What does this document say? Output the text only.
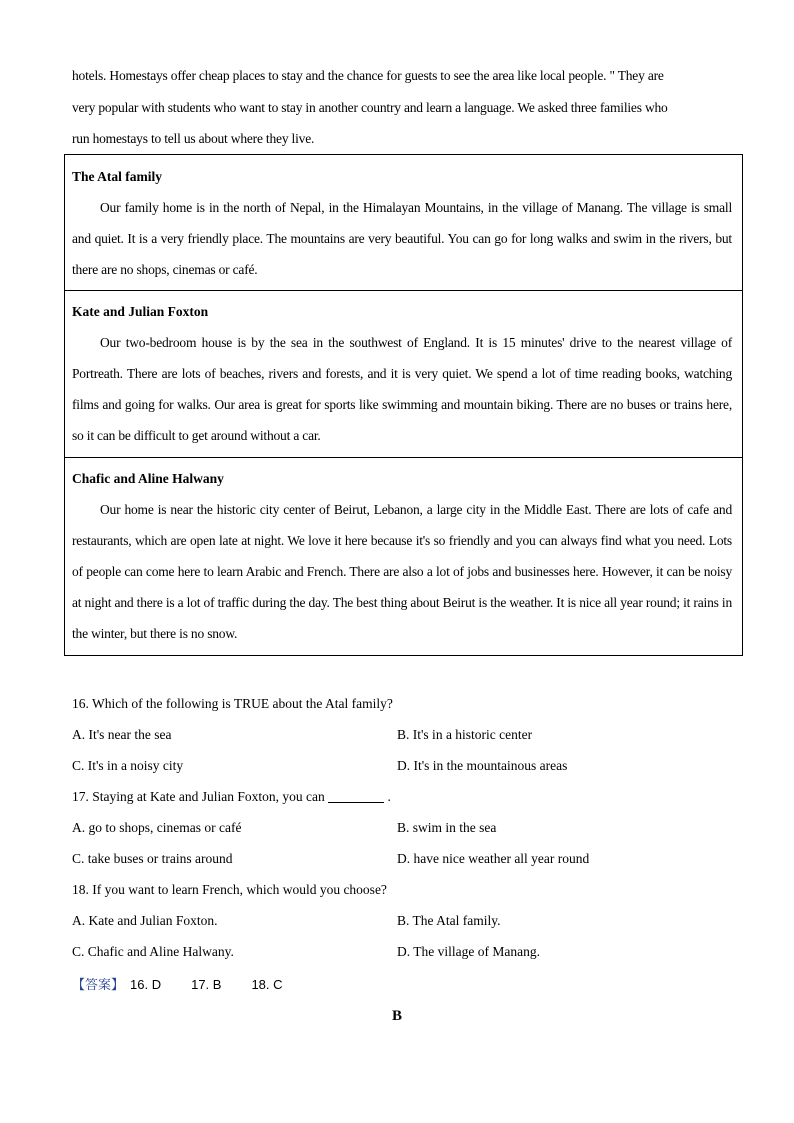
hotels. Homestays offer cheap places to stay and the chance for guests to see the area like local people. " They are

very popular with students who want to stay in another country and learn a language. We asked three families who

run homestays to tell us about where they live.

The Atal family

Our family home is in the north of Nepal, in the Himalayan Mountains, in the village of Manang. The village is small and quiet. It is a very friendly place. The mountains are very beautiful. You can go for long walks and swim in the rivers, but there are no shops, cinemas or café.

Kate and Julian Foxton

Our two-bedroom house is by the sea in the southwest of England. It is 15 minutes' drive to the nearest village of Portreath. There are lots of beaches, rivers and forests, and it is very quiet. We spend a lot of time reading books, watching films and going for walks. Our area is great for sports like swimming and mountain biking. There are no buses or trains here, so it can be difficult to get around without a car.

Chafic and Aline Halwany

Our home is near the historic city center of Beirut, Lebanon, a large city in the Middle East. There are lots of cafe and restaurants, which are open late at night. We love it here because it's so friendly and you can always find what you need. Lots of people can come here to learn Arabic and French. There are also a lot of jobs and businesses here. However, it can be noisy at night and there is a lot of traffic during the day. The best thing about Beirut is the weather. It is nice all year round; it rains in the winter, but there is no snow.

16. Which of the following is TRUE about the Atal family?

A. It's near the sea	B. It's in a historic center
C. It's in a noisy city	D. It's in the mountainous areas

17. Staying at Kate and Julian Foxton, you can	.

A. go to shops, cinemas or café	B. swim in the sea
C. take buses or trains around	D. have nice weather all year round

18. If you want to learn French, which would you choose?

A. Kate and Julian Foxton.	B. The Atal family.
C. Chafic and Aline Halwany.	D. The village of Manang.
【答案】 16. D 17. B 18. C
B
